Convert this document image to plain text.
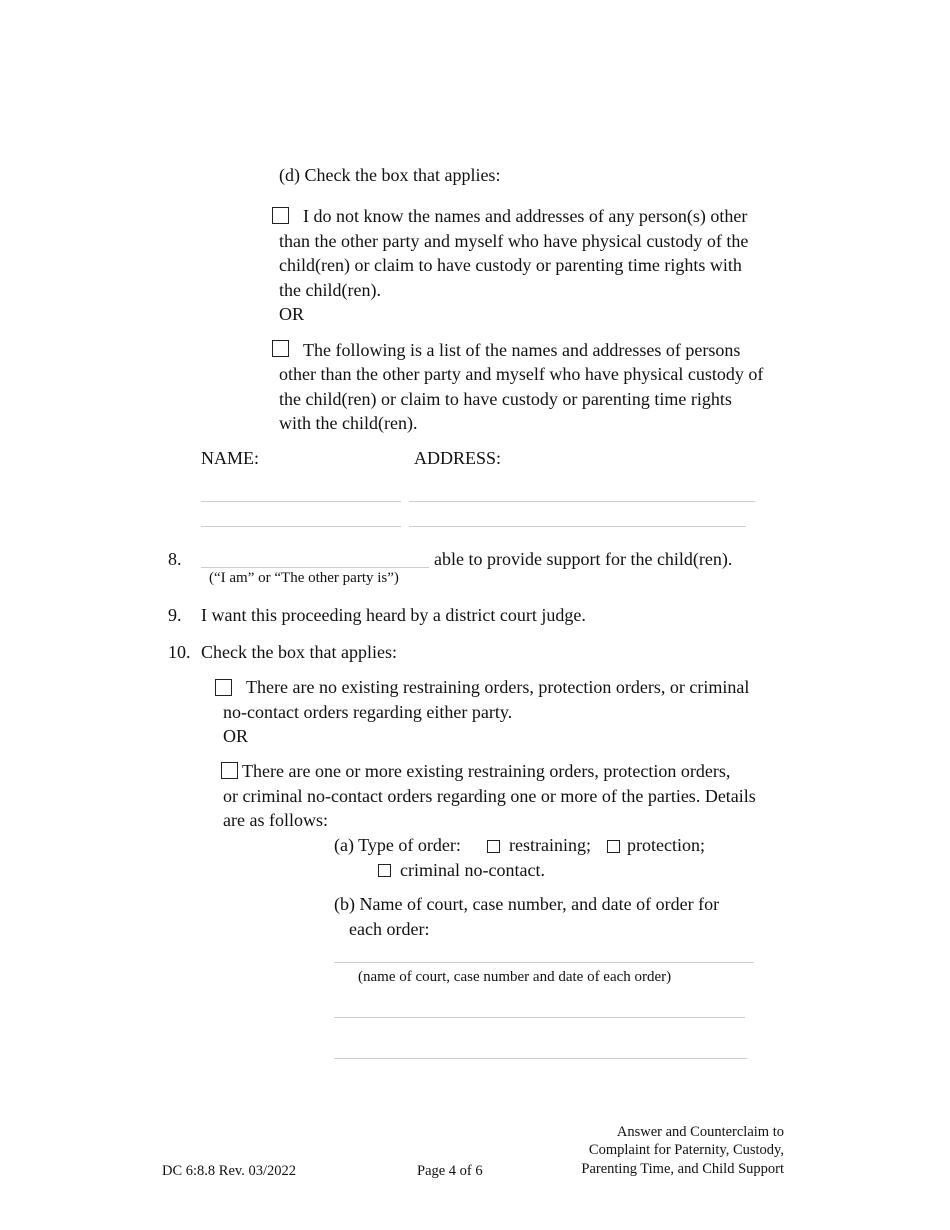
(d) Check the box that applies:
I do not know the names and addresses of any person(s) other
than the other party and myself who have physical custody of the
child(ren) or claim to have custody or parenting time rights with
the child(ren).
OR
The following is a list of the names and addresses of persons
other than the other party and myself who have physical custody of
the child(ren) or claim to have custody or parenting time rights
with the child(ren).
NAME:	ADDRESS:
8.	able to provide support for the child(ren).
(“I am” or “The other party is”)
9. I want this proceeding heard by a district court judge.
10. Check the box that applies:
There are no existing restraining orders, protection orders, or criminal
no-contact orders regarding either party.
OR
There are one or more existing restraining orders, protection orders,
or criminal no-contact orders regarding one or more of the parties. Details
are as follows:
(a) Type of order:	restraining; protection;
criminal no-contact.
(b) Name of court, case number, and date of order for
each order:
(name of court, case number and date of each order)
Answer and Counterclaim to
Complaint for Paternity, Custody,
Parenting Time, and Child Support
DC 6:8.8 Rev. 03/2022	Page 4 of 6
